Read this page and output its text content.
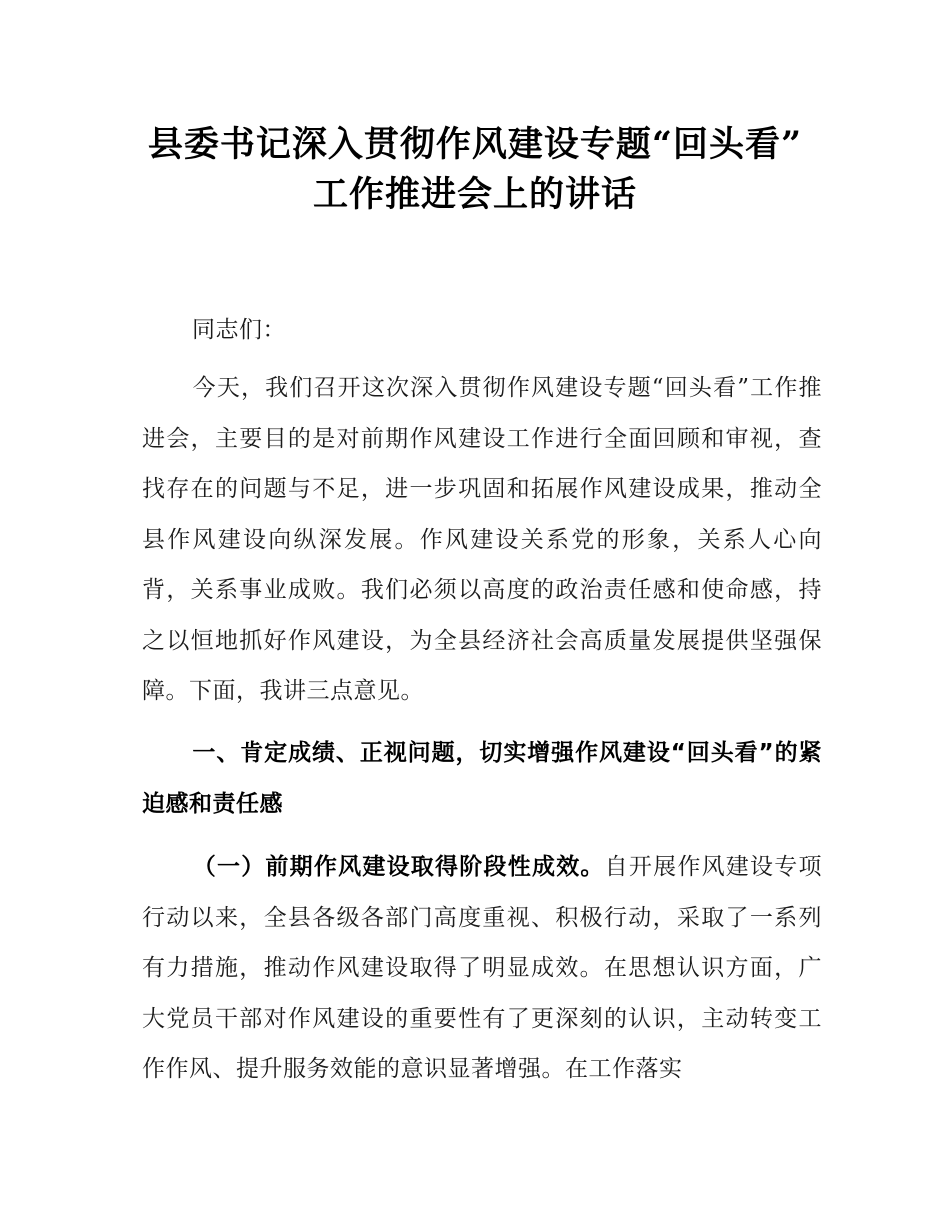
县委书记深入贯彻作风建设专题“回头看”
工作推进会上的讲话
同志们：
今天，我们召开这次深入贯彻作风建设专题“回头看”工作推进会，主要目的是对前期作风建设工作进行全面回顾和审视，查找存在的问题与不足，进一步巩固和拓展作风建设成果，推动全县作风建设向纵深发展。作风建设关系党的形象，关系人心向背，关系事业成败。我们必须以高度的政治责任感和使命感，持之以恒地抓好作风建设，为全县经济社会高质量发展提供坚强保障。下面，我讲三点意见。
一、肯定成绩、正视问题，切实增强作风建设“回头看”的紧迫感和责任感
（一）前期作风建设取得阶段性成效。自开展作风建设专项行动以来，全县各级各部门高度重视、积极行动，采取了一系列有力措施，推动作风建设取得了明显成效。在思想认识方面，广大党员干部对作风建设的重要性有了更深刻的认识，主动转变工作作风、提升服务效能的意识显著增强。在工作落实
